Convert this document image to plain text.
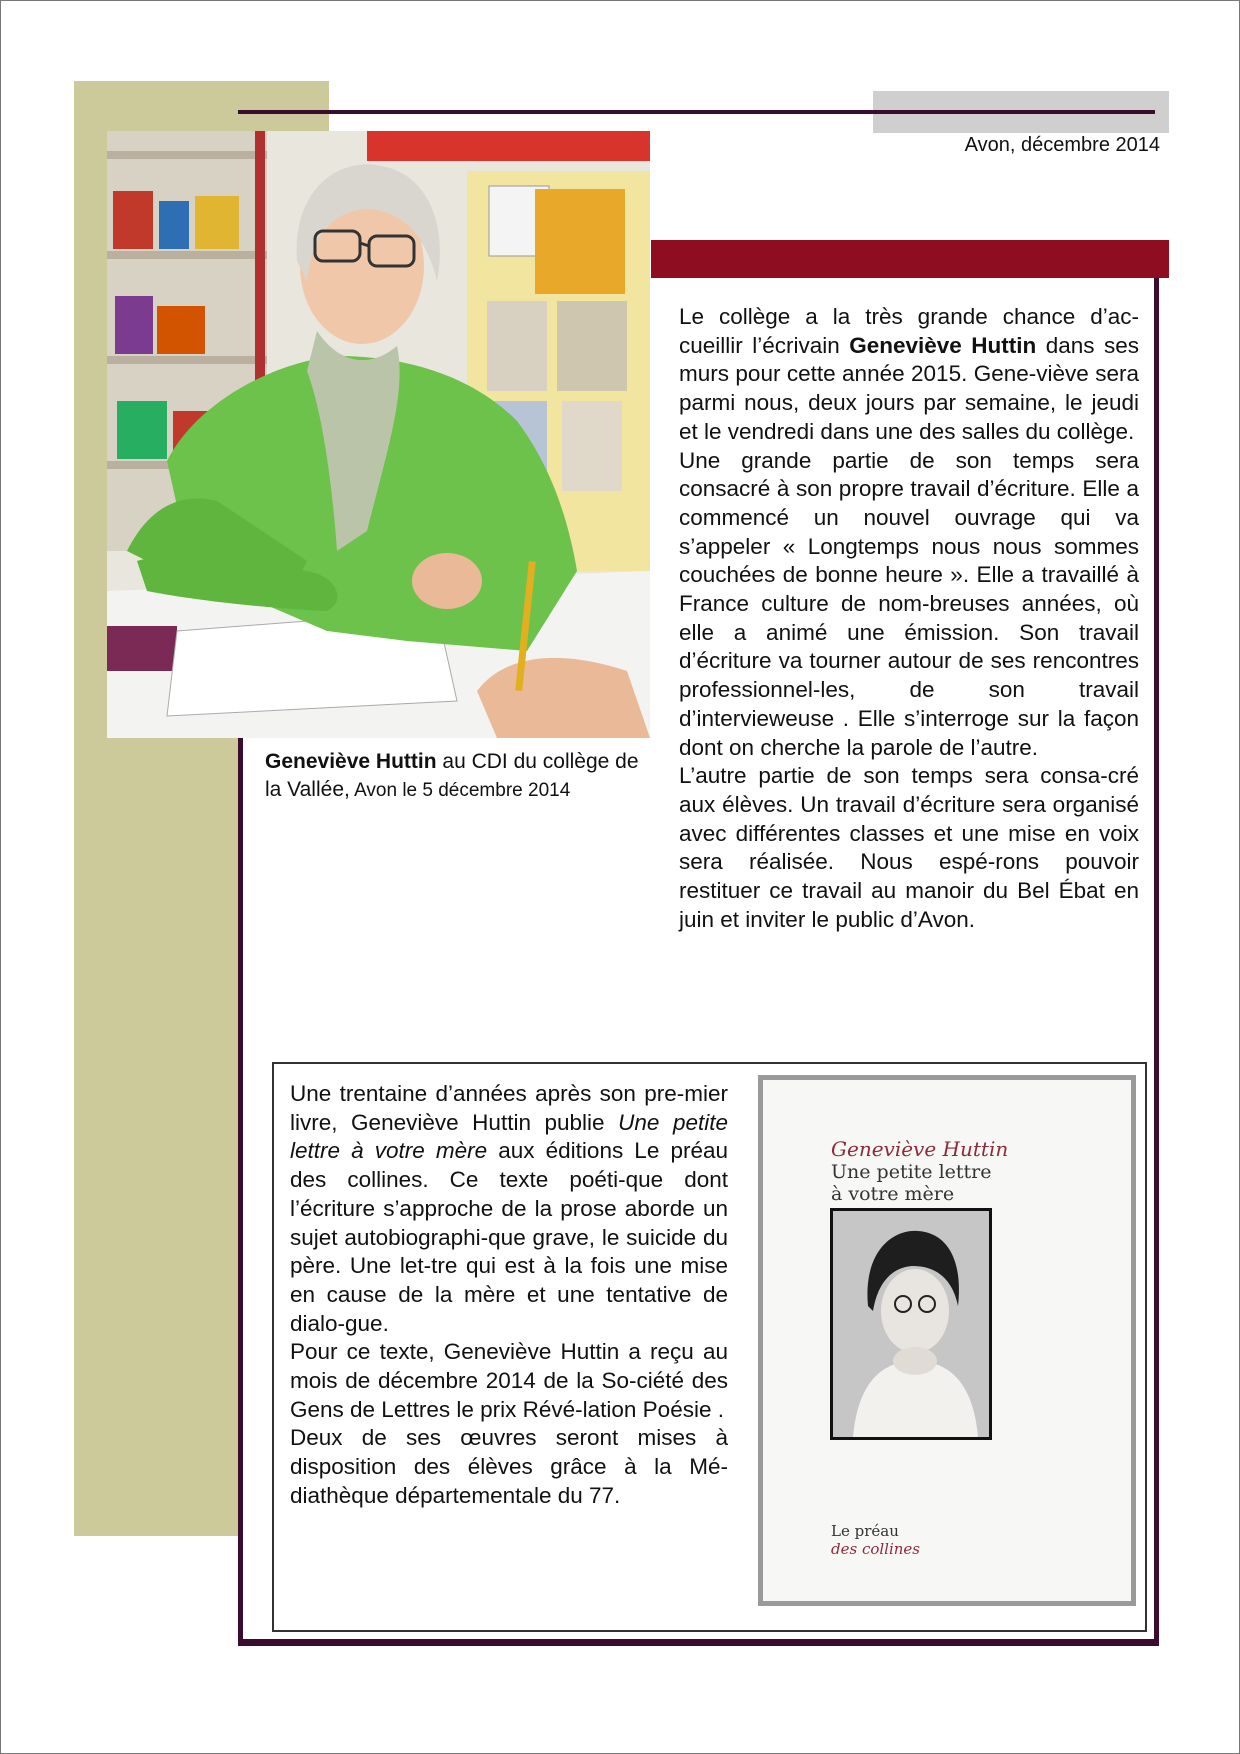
Avon, décembre 2014
Geneviève Huttin au CDI du collège de la Vallée, Avon le 5 décembre 2014

Le collège a la très grande chance d’ac-cueillir l’écrivain Geneviève Huttin dans ses murs pour cette année 2015. Gene-viève sera parmi nous, deux jours par semaine, le jeudi et le vendredi dans une des salles du collège.

Une grande partie de son temps sera consacré à son propre travail d’écriture. Elle a commencé un nouvel ouvrage qui va s’appeler « Longtemps nous nous sommes couchées de bonne heure ». Elle a travaillé à France culture de nom-breuses années, où elle a animé une émission. Son travail d’écriture va tourner autour de ses rencontres professionnel-les, de son travail d’intervieweuse . Elle s’interroge sur la façon dont on cherche la parole de l’autre.

L’autre partie de son temps sera consa-cré aux élèves. Un travail d’écriture sera organisé avec différentes classes et une mise en voix sera réalisée. Nous espé-rons pouvoir restituer ce travail au manoir du Bel Ébat en juin et inviter le public d’Avon.

Une trentaine d’années après son pre-mier livre, Geneviève Huttin publie Une petite lettre à votre mère aux éditions Le préau des collines. Ce texte poéti-que dont l’écriture s’approche de la prose aborde un sujet autobiographi-que grave, le suicide du père. Une let-tre qui est à la fois une mise en cause de la mère et une tentative de dialo-gue.

Pour ce texte, Geneviève Huttin a reçu au mois de décembre 2014 de la So-ciété des Gens de Lettres le prix Révé-lation Poésie .

Deux de ses œuvres seront mises à disposition des élèves grâce à la Mé-diathèque départementale du 77.

Geneviève Huttin
Une petite lettre
à votre mère
Le préau
des collines
